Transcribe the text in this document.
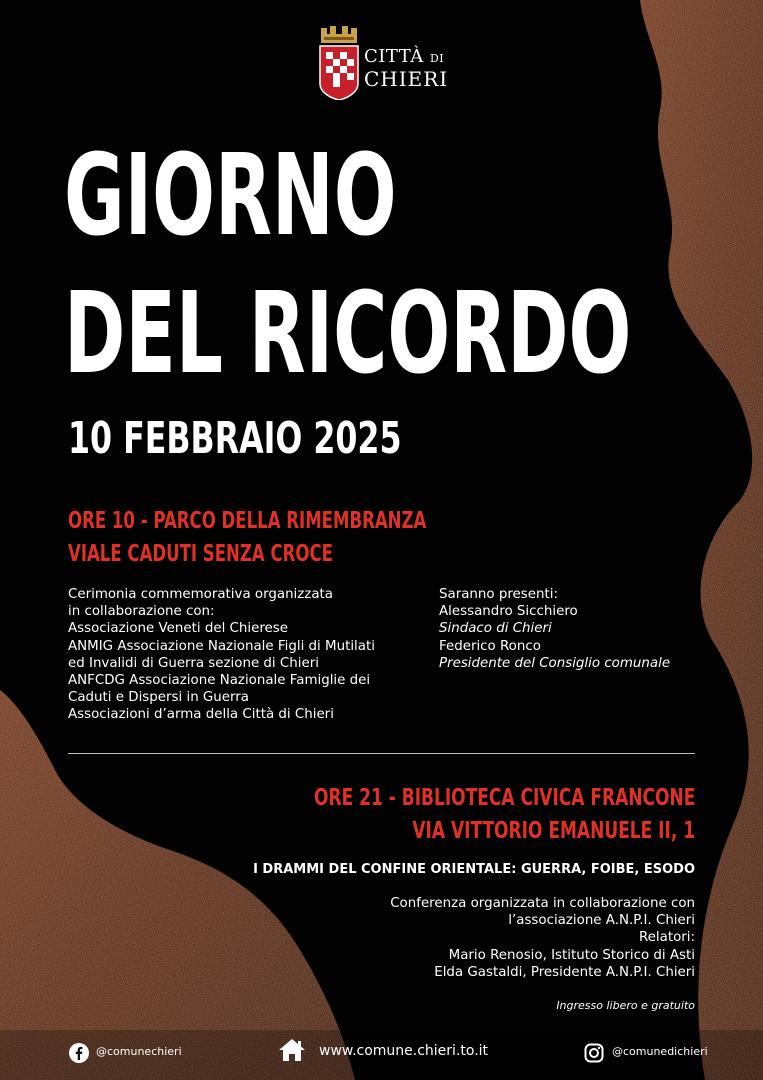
CITTÀ DI
CHIERI
GIORNO
DEL RICORDO
10 FEBBRAIO 2025
ORE 10 - PARCO DELLA RIMEMBRANZA
VIALE CADUTI SENZA CROCE
Cerimonia commemorativa organizzata
in collaborazione con:
Associazione Veneti del Chierese
ANMIG Associazione Nazionale Figli di Mutilati
ed Invalidi di Guerra sezione di Chieri
ANFCDG Associazione Nazionale Famiglie dei
Caduti e Dispersi in Guerra
Associazioni d’arma della Città di Chieri
Saranno presenti:
Alessandro Sicchiero
Sindaco di Chieri
Federico Ronco
Presidente del Consiglio comunale
ORE 21 - BIBLIOTECA CIVICA FRANCONE
VIA VITTORIO EMANUELE II, 1
I DRAMMI DEL CONFINE ORIENTALE: GUERRA, FOIBE, ESODO
Conferenza organizzata in collaborazione con
l’associazione A.N.P.I. Chieri
Relatori:
Mario Renosio, Istituto Storico di Asti
Elda Gastaldi, Presidente A.N.P.I. Chieri
Ingresso libero e gratuito
@comunechieri	www.comune.chieri.to.it	@comunedichieri
